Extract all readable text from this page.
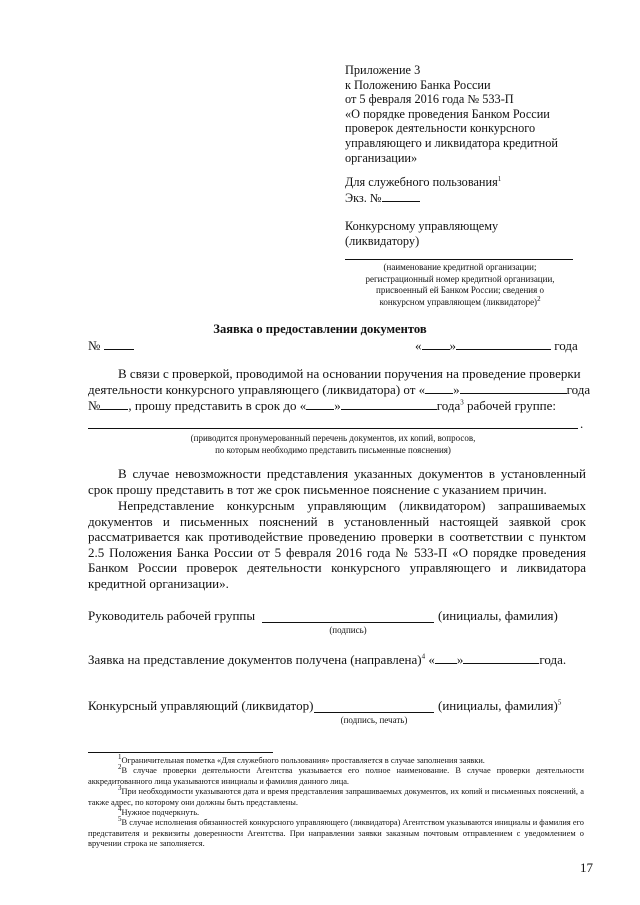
Приложение 3
к Положению Банка России
от 5 февраля 2016 года № 533-П
«О порядке проведения Банком России
проверок деятельности конкурсного
управляющего и ликвидатора кредитной
организации»
Для служебного пользования$^1$
Экз. №
Конкурсному управляющему
(ликвидатору)
(наименование кредитной организации;
регистрационный номер кредитной организации,
присвоенный ей Банком России; сведения о
конкурсном управляющем (ликвидаторе)$^2$
Заявка о предоставлении документов
№	« »	года
В связи с проверкой, проводимой на основании поручения на проведение проверки
деятельности конкурсного управляющего (ликвидатора) от « »	года
№ , прошу представить в срок до « »	года$^3$ рабочей группе:
.
(приводится пронумерованный перечень документов, их копий, вопросов,
по которым необходимо представить письменные пояснения)
В случае невозможности представления указанных документов в установленный срок прошу представить в тот же срок письменное пояснение с указанием причин.
Непредставление конкурсным управляющим (ликвидатором) запрашиваемых документов и письменных пояснений в установленный настоящей заявкой срок рассматривается как противодействие проведению проверки в соответствии с пунктом 2.5 Положения Банка России от 5 февраля 2016 года № 533-П «О порядке проведения Банком России проверок деятельности конкурсного управляющего и ликвидатора кредитной организации».
Руководитель рабочей группы	(инициалы, фамилия)
(подпись)
Заявка на представление документов получена (направлена)$^4$ « »	года.
Конкурсный управляющий (ликвидатор)	(инициалы, фамилия)$^5$
(подпись, печать)
$^1$Ограничительная пометка «Для служебного пользования» проставляется в случае заполнения заявки.
$^2$В случае проверки деятельности Агентства указывается его полное наименование. В случае проверки деятельности аккредитованного лица указываются инициалы и фамилия данного лица.
$^3$При необходимости указываются дата и время представления запрашиваемых документов, их копий и письменных пояснений, а также адрес, по которому они должны быть представлены.
$^4$Нужное подчеркнуть.
$^5$В случае исполнения обязанностей конкурсного управляющего (ликвидатора) Агентством указываются инициалы и фамилия его представителя и реквизиты доверенности Агентства. При направлении заявки заказным почтовым отправлением с уведомлением о вручении строка не заполняется.
17
